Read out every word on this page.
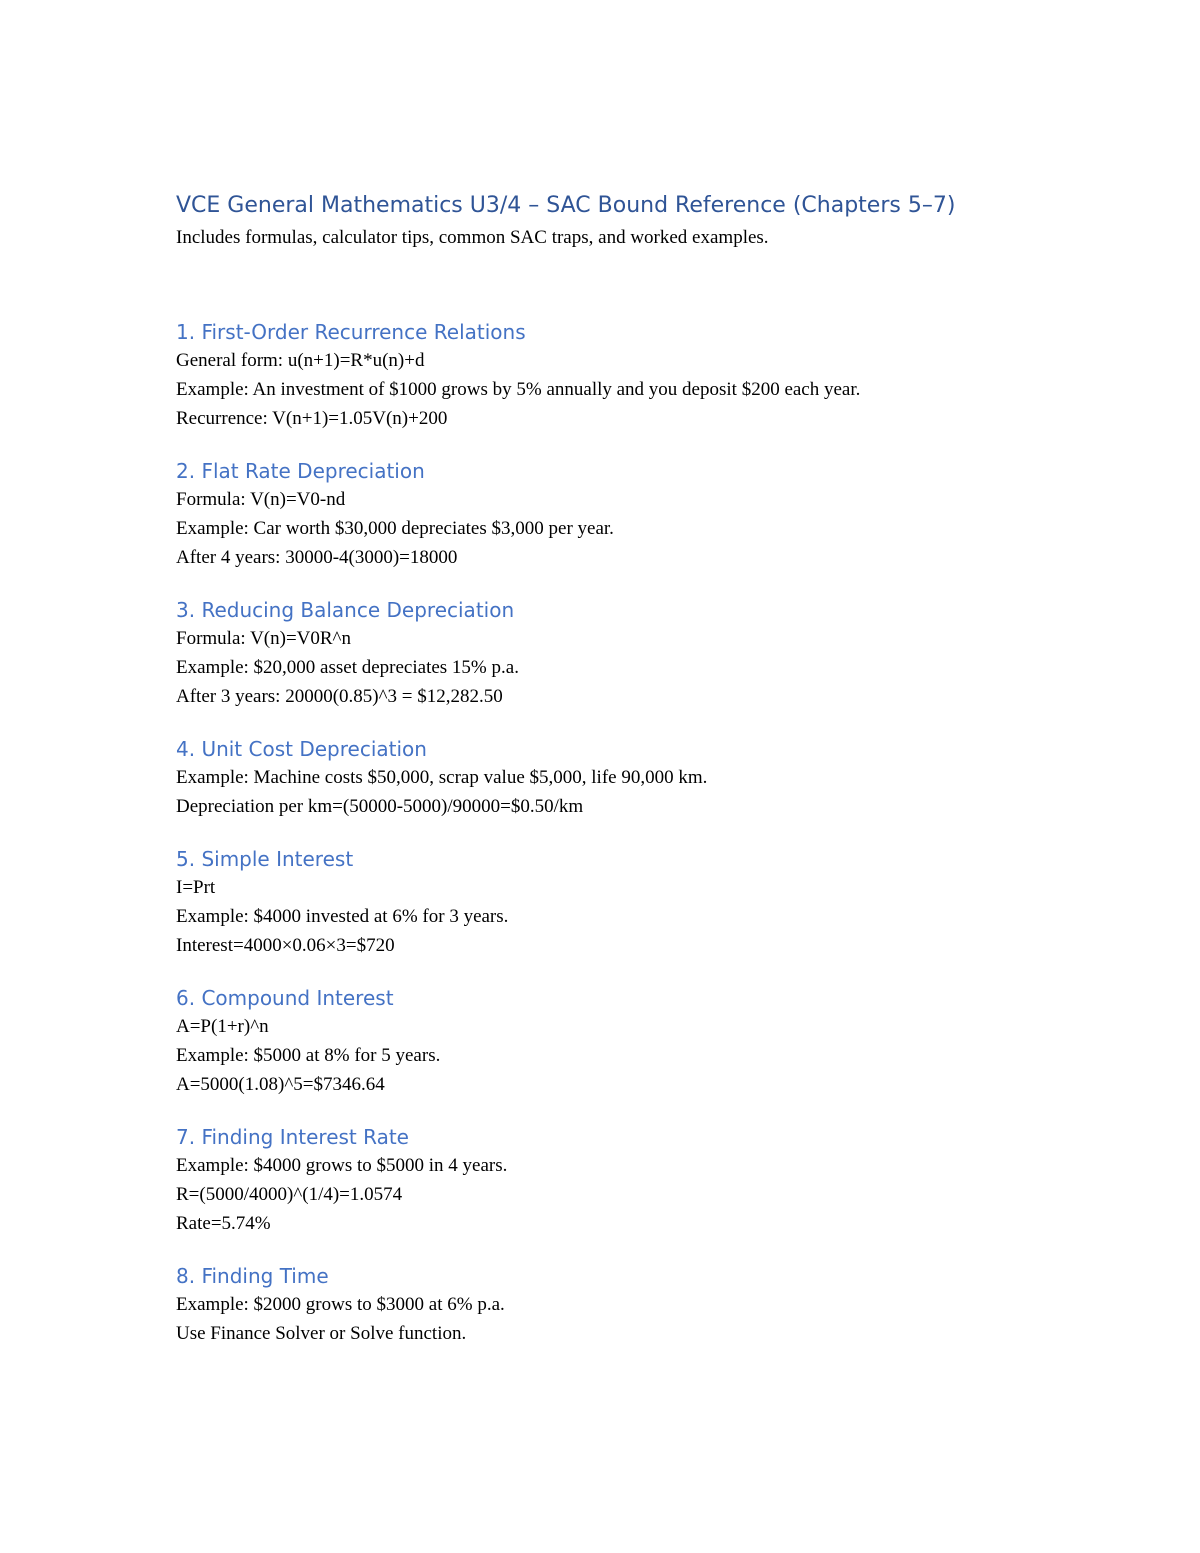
VCE General Mathematics U3/4 – SAC Bound Reference (Chapters 5–7)

Includes formulas, calculator tips, common SAC traps, and worked examples.

1. First-Order Recurrence Relations

General form: u(n+1)=R*u(n)+d

Example: An investment of $1000 grows by 5% annually and you deposit $200 each year.

Recurrence: V(n+1)=1.05V(n)+200

2. Flat Rate Depreciation

Formula: V(n)=V0-nd

Example: Car worth $30,000 depreciates $3,000 per year.

After 4 years: 30000-4(3000)=18000

3. Reducing Balance Depreciation

Formula: V(n)=V0R^n

Example: $20,000 asset depreciates 15% p.a.

After 3 years: 20000(0.85)^3 = $12,282.50

4. Unit Cost Depreciation

Example: Machine costs $50,000, scrap value $5,000, life 90,000 km.

Depreciation per km=(50000-5000)/90000=$0.50/km

5. Simple Interest

I=Prt

Example: $4000 invested at 6% for 3 years.

Interest=4000×0.06×3=$720

6. Compound Interest

A=P(1+r)^n

Example: $5000 at 8% for 5 years.

A=5000(1.08)^5=$7346.64

7. Finding Interest Rate

Example: $4000 grows to $5000 in 4 years.

R=(5000/4000)^(1/4)=1.0574

Rate=5.74%

8. Finding Time

Example: $2000 grows to $3000 at 6% p.a.

Use Finance Solver or Solve function.
